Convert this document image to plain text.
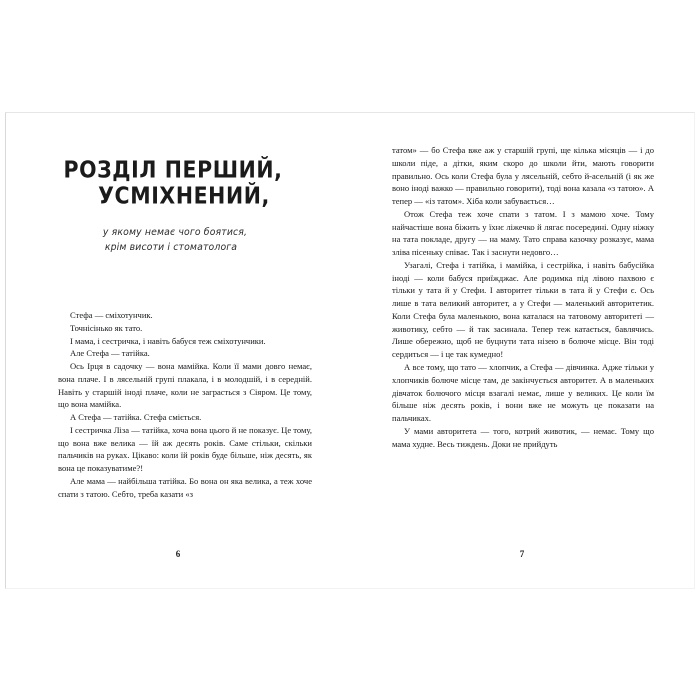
РОЗДІЛ ПЕРШИЙ,
УСМІХНЕНИЙ,
у якому немає чого боятися,
крім висоти і стоматолога

Стефа — сміхотунчик.

Точнісінько як тато.

І мама, і сестричка, і навіть бабуся теж сміхотунчики.

Але Стефа — татійка.

Ось Ірця в садочку — вона мамійка. Коли її мами довго немає, вона плаче. І в лясельній групі плакала, і в молодшій, і в середній. Навіть у старшій іноді плаче, коли не заграсться з Сіяром. Це тому, що вона мамійка.

А Стефа — татійка. Стефа сміється.

І сестричка Ліза — татійка, хоча вона цього й не показує. Це тому, що вона вже велика — їй аж десять років. Саме стільки, скільки пальчиків на руках. Цікаво: коли їй років буде більше, ніж десять, як вона це показуватиме?!

Але мама — найбільша татійка. Бо вона он яка велика, а теж хоче спати з татою. Себто, треба казати «з

6

татом» — бо Стефа вже аж у старшій групі, ще кілька місяців — і до школи піде, а дітки, яким скоро до школи йти, мають говорити правильно. Ось коли Стефа була у лясельній, себто й-асельній (і як же воно іноді важко — правильно говорити), тоді вона казала «з татою». А тепер — «із татом». Хіба коли забувається…

Отож Стефа теж хоче спати з татом. І з мамою хоче. Тому найчастіше вона біжить у їхнє ліжечко й лягає посередині. Одну ніжку на тата покладе, другу — на маму. Тато справа казочку розказує, мама зліва пісеньку співає. Так і заснути недовго…

Узагалі, Стефа і татійка, і мамійка, і сестрійка, і навіть бабусійка іноді — коли бабуся приїжджає. Але родимка під лівою пахвою є тільки у тата й у Стефи. І авторитет тільки в тата й у Стефи є. Ось лише в тата великий авторитет, а у Стефи — маленький авторитетик. Коли Стефа була маленькою, вона каталася на татовому авторитеті — животику, себто — й так засинала. Тепер теж катається, бавлячись. Лише обережно, щоб не буцнути тата нізею в болюче місце. Він тоді сердиться — і це так кумедно!

А все тому, що тато — хлопчик, а Стефа — дівчинка. Адже тільки у хлопчиків болюче місце там, де закінчується авторитет. А в маленьких дівчаток болючого місця взагалі немає, лише у великих. Це коли їм більше ніж десять років, і вони вже не можуть це показати на пальчиках.

У мами авторитета — того, котрий животик, — немає. Тому що мама худне. Весь тиждень. Доки не прийдуть

7
